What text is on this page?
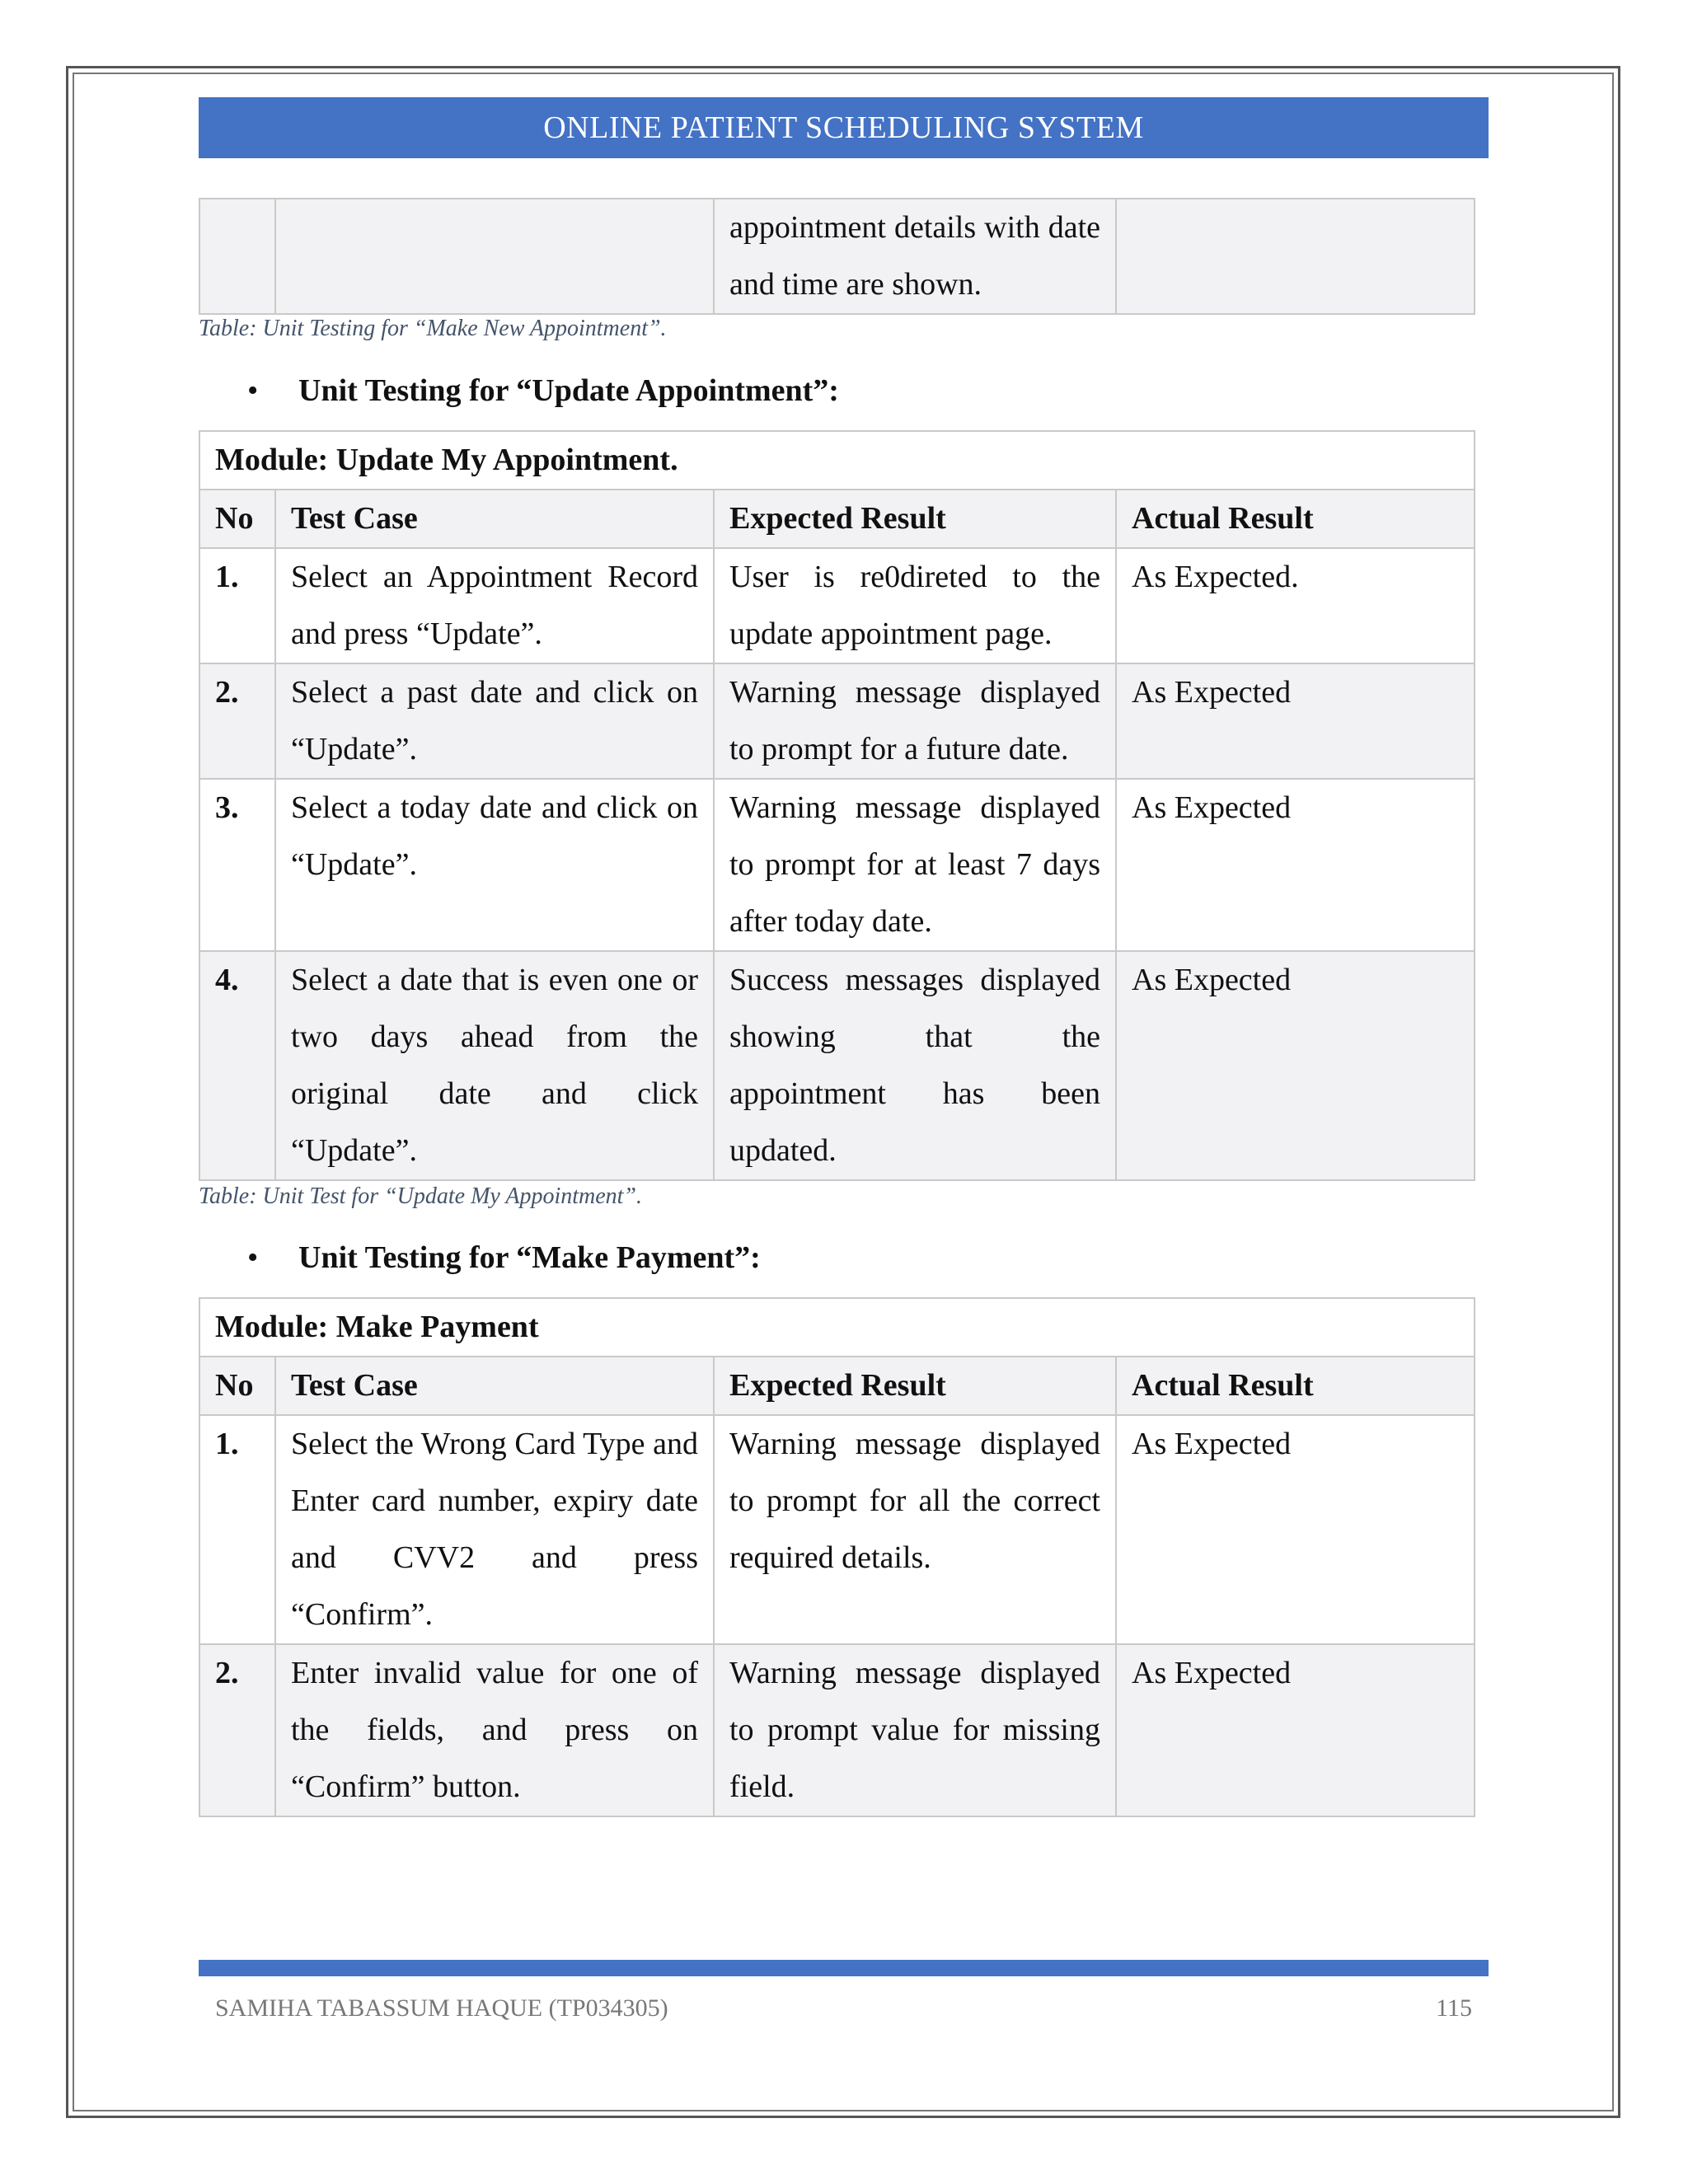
ONLINE PATIENT SCHEDULING SYSTEM
		appointment details with date and time are shown.	
Table: Unit Testing for “Make New Appointment”.
• Unit Testing for “Update Appointment”:
Module: Update My Appointment.			
No	Test Case	Expected Result	Actual Result
1.	Select an Appointment Record and press “Update”.	User is re0direted to the update appointment page.	As Expected.
2.	Select a past date and click on “Update”.	Warning message displayed to prompt for a future date.	As Expected
3.	Select a today date and click on “Update”.	Warning message displayed to prompt for at least 7 days after today date.	As Expected
4.	Select a date that is even one or two days ahead from the original date and click “Update”.	Success messages displayed showing that the appointment has been updated.	As Expected
Table: Unit Test for “Update My Appointment”.
• Unit Testing for “Make Payment”:
Module: Make Payment			
No	Test Case	Expected Result	Actual Result
1.	Select the Wrong Card Type and Enter card number, expiry date and CVV2 and press “Confirm”.	Warning message displayed to prompt for all the correct required details.	As Expected
2.	Enter invalid value for one of the fields, and press on “Confirm” button.	Warning message displayed to prompt value for missing field.	As Expected
SAMIHA TABASSUM HAQUE (TP034305)	115
